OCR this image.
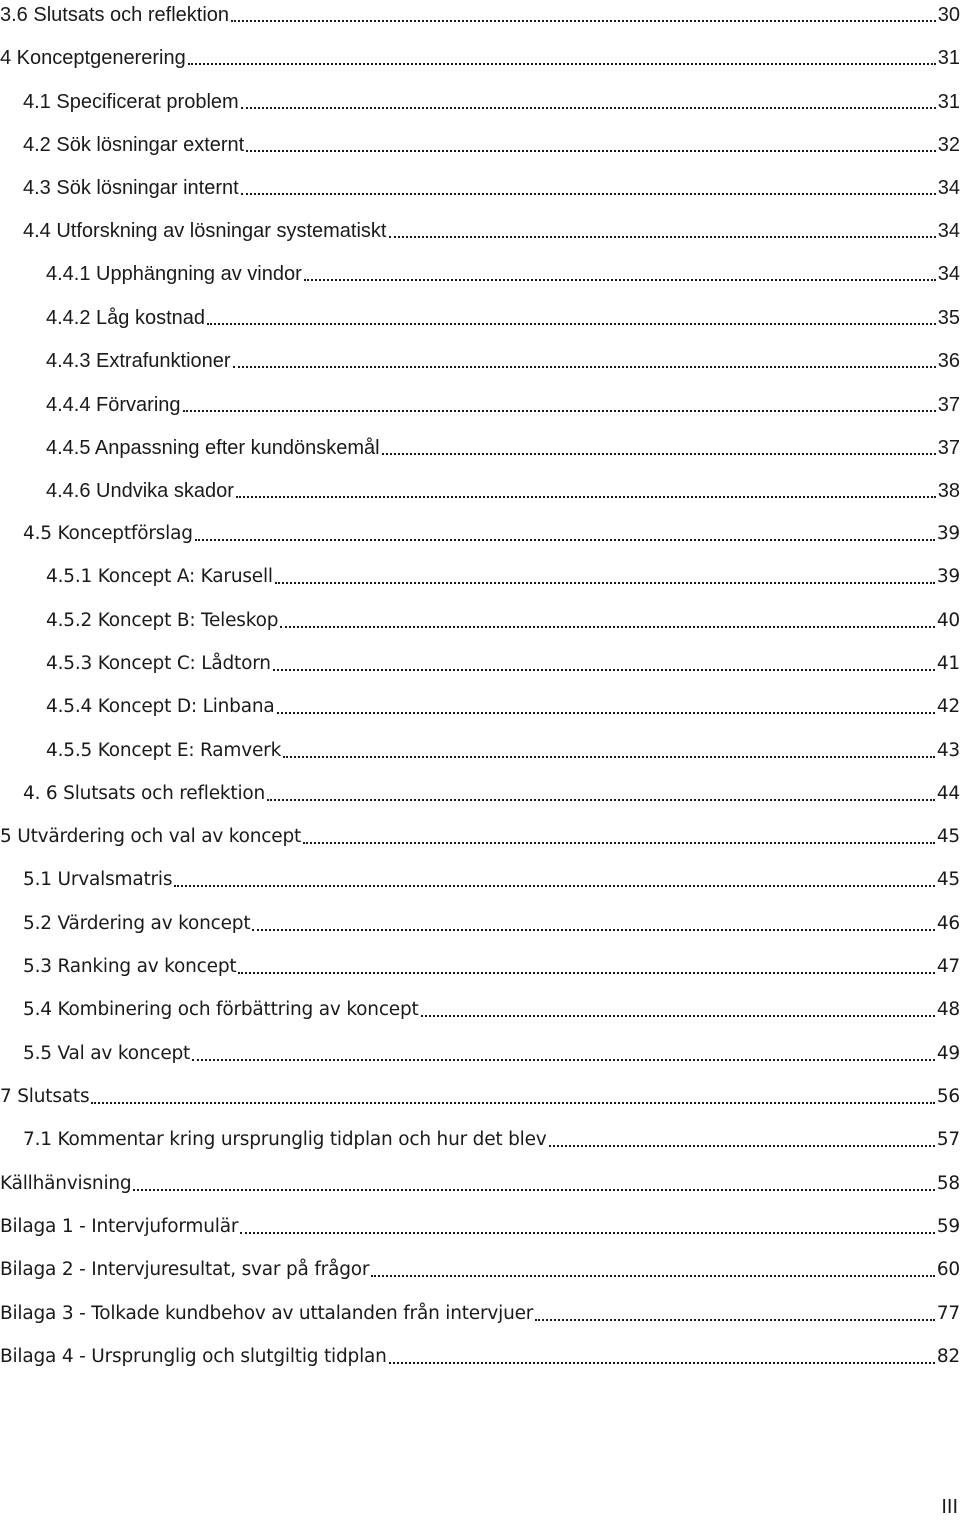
3.6 Slutsats och reflektion	30
4 Konceptgenerering	31
4.1 Specificerat problem	31
4.2 Sök lösningar externt	32
4.3 Sök lösningar internt	34
4.4 Utforskning av lösningar systematiskt	34
4.4.1 Upphängning av vindor	34
4.4.2 Låg kostnad	35
4.4.3 Extrafunktioner	36
4.4.4 Förvaring	37
4.4.5 Anpassning efter kundönskemål	37
4.4.6 Undvika skador	38
4.5 Konceptförslag	39
4.5.1 Koncept A: Karusell	39
4.5.2 Koncept B: Teleskop	40
4.5.3 Koncept C: Lådtorn	41
4.5.4 Koncept D: Linbana	42
4.5.5 Koncept E: Ramverk	43
4. 6 Slutsats och reflektion	44
5 Utvärdering och val av koncept	45
5.1 Urvalsmatris	45
5.2 Värdering av koncept	46
5.3 Ranking av koncept	47
5.4 Kombinering och förbättring av koncept	48
5.5 Val av koncept	49
7 Slutsats	56
7.1 Kommentar kring ursprunglig tidplan och hur det blev	57
Källhänvisning	58
Bilaga 1 - Intervjuformulär	59
Bilaga 2 - Intervjuresultat, svar på frågor	60
Bilaga 3 - Tolkade kundbehov av uttalanden från intervjuer	77
Bilaga 4 - Ursprunglig och slutgiltig tidplan	82
III
